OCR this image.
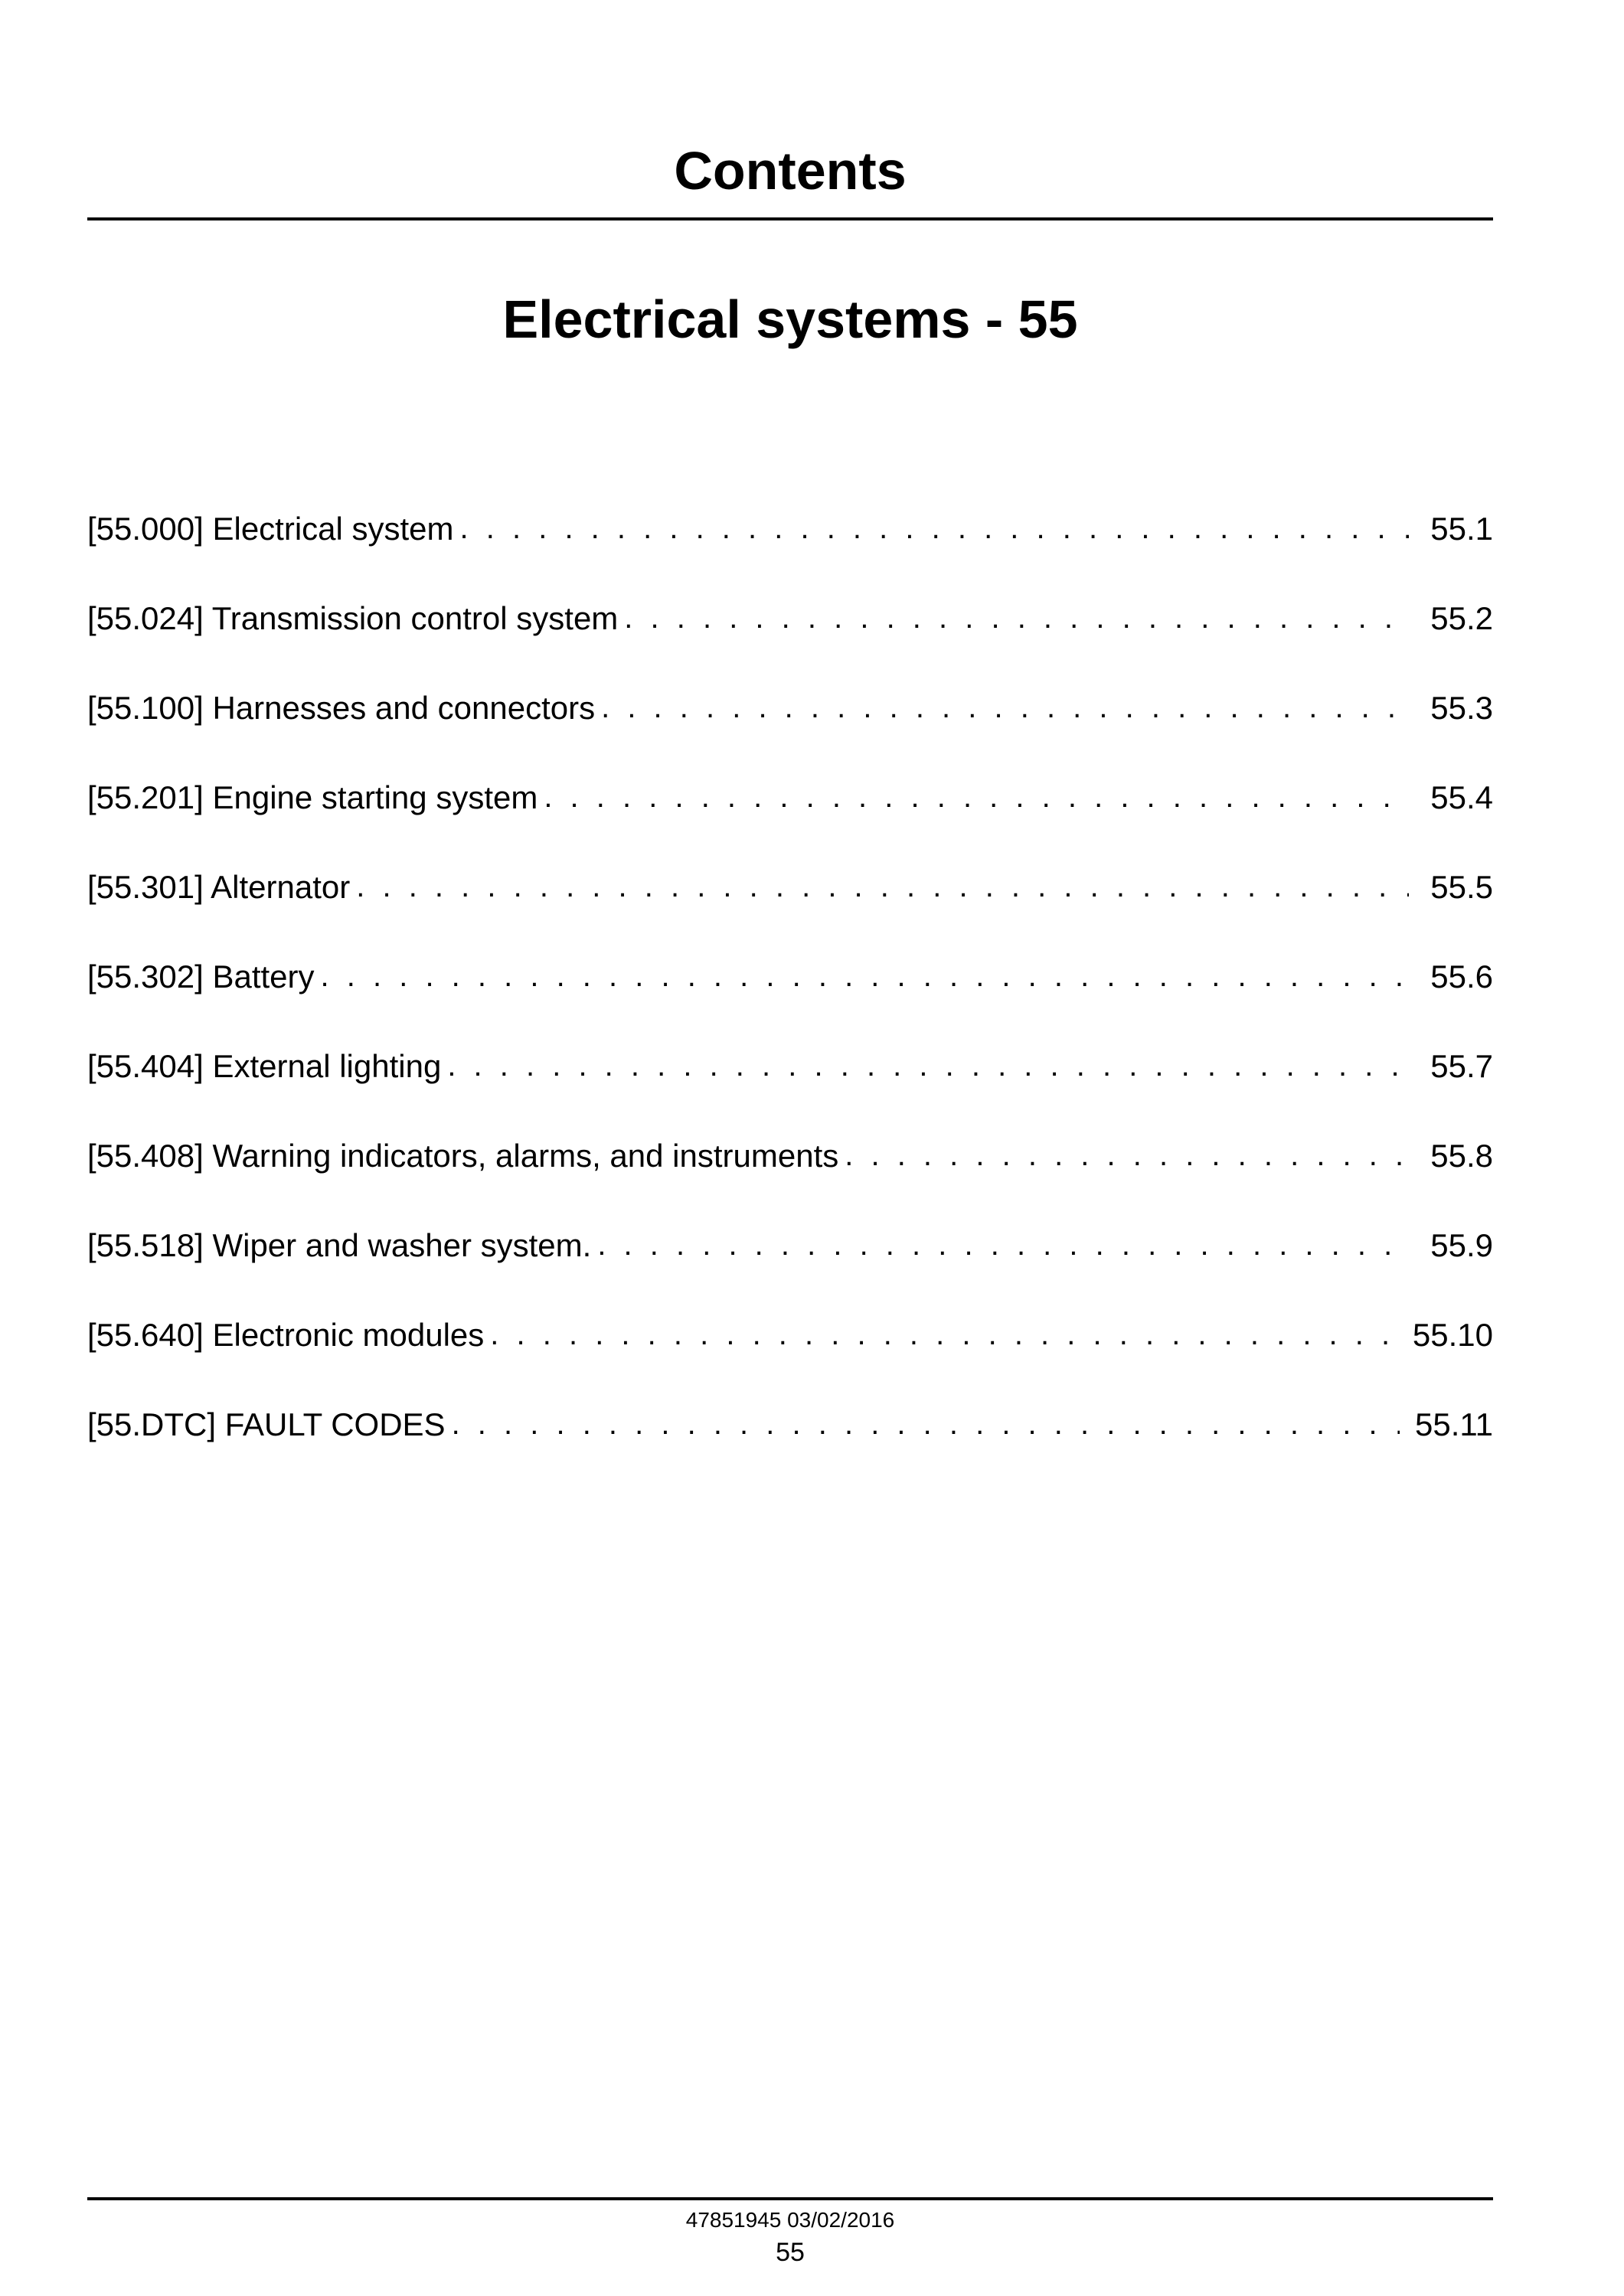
Contents
Electrical systems - 55
[55.000] Electrical system . . .	55.1
[55.024] Transmission control system . . .	55.2
[55.100] Harnesses and connectors . . .	55.3
[55.201] Engine starting system . . .	55.4
[55.301] Alternator . . .	55.5
[55.302] Battery . . .	55.6
[55.404] External lighting . . .	55.7
[55.408] Warning indicators, alarms, and instruments . . .	55.8
[55.518] Wiper and washer system. . . .	55.9
[55.640] Electronic modules . . .	55.10
[55.DTC] FAULT CODES . . .	55.11
47851945 03/02/2016
55
